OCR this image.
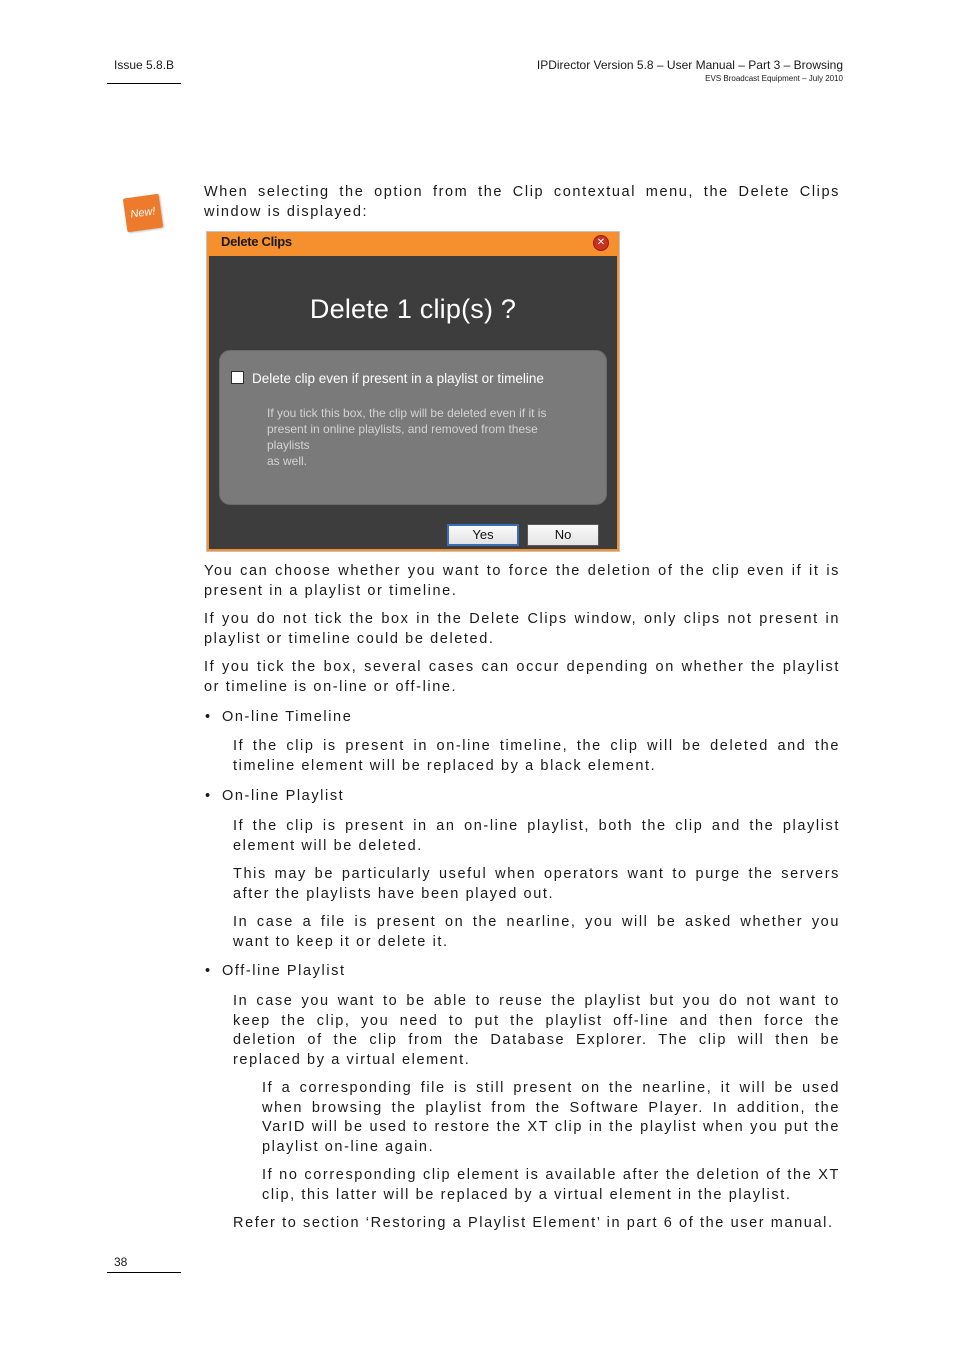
Issue 5.8.B	IPDirector Version 5.8 – User Manual – Part 3 – Browsing
EVS Broadcast Equipment – July 2010
New!
When selecting the option from the Clip contextual menu, the Delete Clips window is displayed:
Delete Clips	✕
Delete 1 clip(s) ?
Delete clip even if present in a playlist or timeline
If you tick this box, the clip will be deleted even if it is
present in online playlists, and removed from these
playlists
as well.
Yes	No
You can choose whether you want to force the deletion of the clip even if it is present in a playlist or timeline.
If you do not tick the box in the Delete Clips window, only clips not present in playlist or timeline could be deleted.
If you tick the box, several cases can occur depending on whether the playlist or timeline is on-line or off-line.
• On-line Timeline
If the clip is present in on-line timeline, the clip will be deleted and the timeline element will be replaced by a black element.
• On-line Playlist
If the clip is present in an on-line playlist, both the clip and the playlist element will be deleted.
This may be particularly useful when operators want to purge the servers after the playlists have been played out.
In case a file is present on the nearline, you will be asked whether you want to keep it or delete it.
• Off-line Playlist
In case you want to be able to reuse the playlist but you do not want to keep the clip, you need to put the playlist off-line and then force the deletion of the clip from the Database Explorer. The clip will then be replaced by a virtual element.
If a corresponding file is still present on the nearline, it will be used when browsing the playlist from the Software Player. In addition, the VarID will be used to restore the XT clip in the playlist when you put the playlist on-line again.
If no corresponding clip element is available after the deletion of the XT clip, this latter will be replaced by a virtual element in the playlist.
Refer to section ‘Restoring a Playlist Element’ in part 6 of the user manual.
38
